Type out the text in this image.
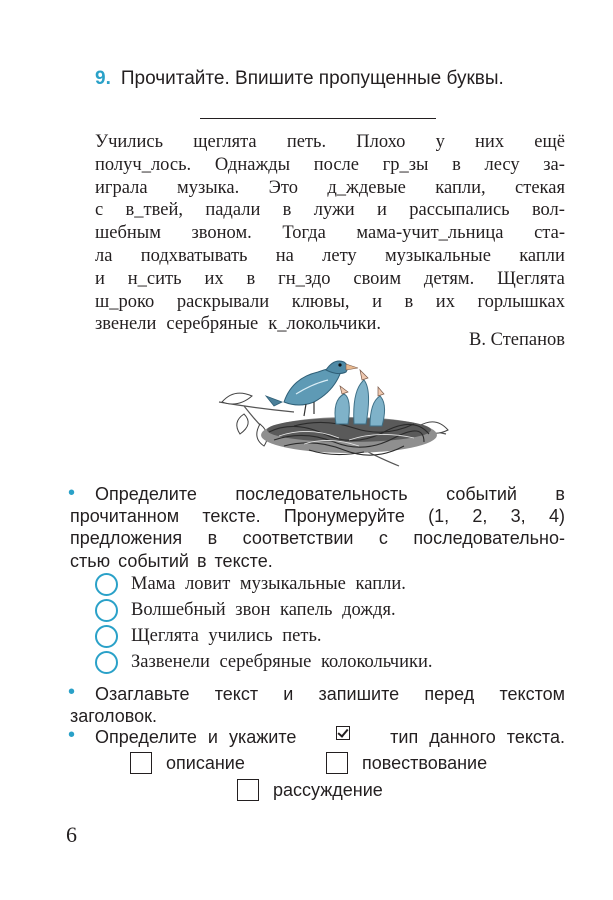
9. Прочитайте. Впишите пропущенные буквы.
Учились щеглята петь. Плохо у них ещё
получ_лось. Однажды после гр_зы в лесу за-
играла музыка. Это д_ждевые капли, стекая
с в_твей, падали в лужи и рассыпались вол-
шебным звоном. Тогда мама-учит_льница ста-
ла подхватывать на лету музыкальные капли
и н_сить их в гн_здо своим детям. Щеглята
ш_роко раскрывали клювы, и в их горлышках
звенели серебряные к_локольчики.
В. Степанов
• Определите последовательность событий в
прочитанном тексте. Пронумеруйте (1, 2, 3, 4)
предложения в соответствии с последовательно-
стью событий в тексте.
Мама ловит музыкальные капли.
Волшебный звон капель дождя.
Щеглята учились петь.
Зазвенели серебряные колокольчики.
• Озаглавьте текст и запишите перед текстом
заголовок.
• Определите и укажите	тип данного текста.
описание	повествование
рассуждение
6
